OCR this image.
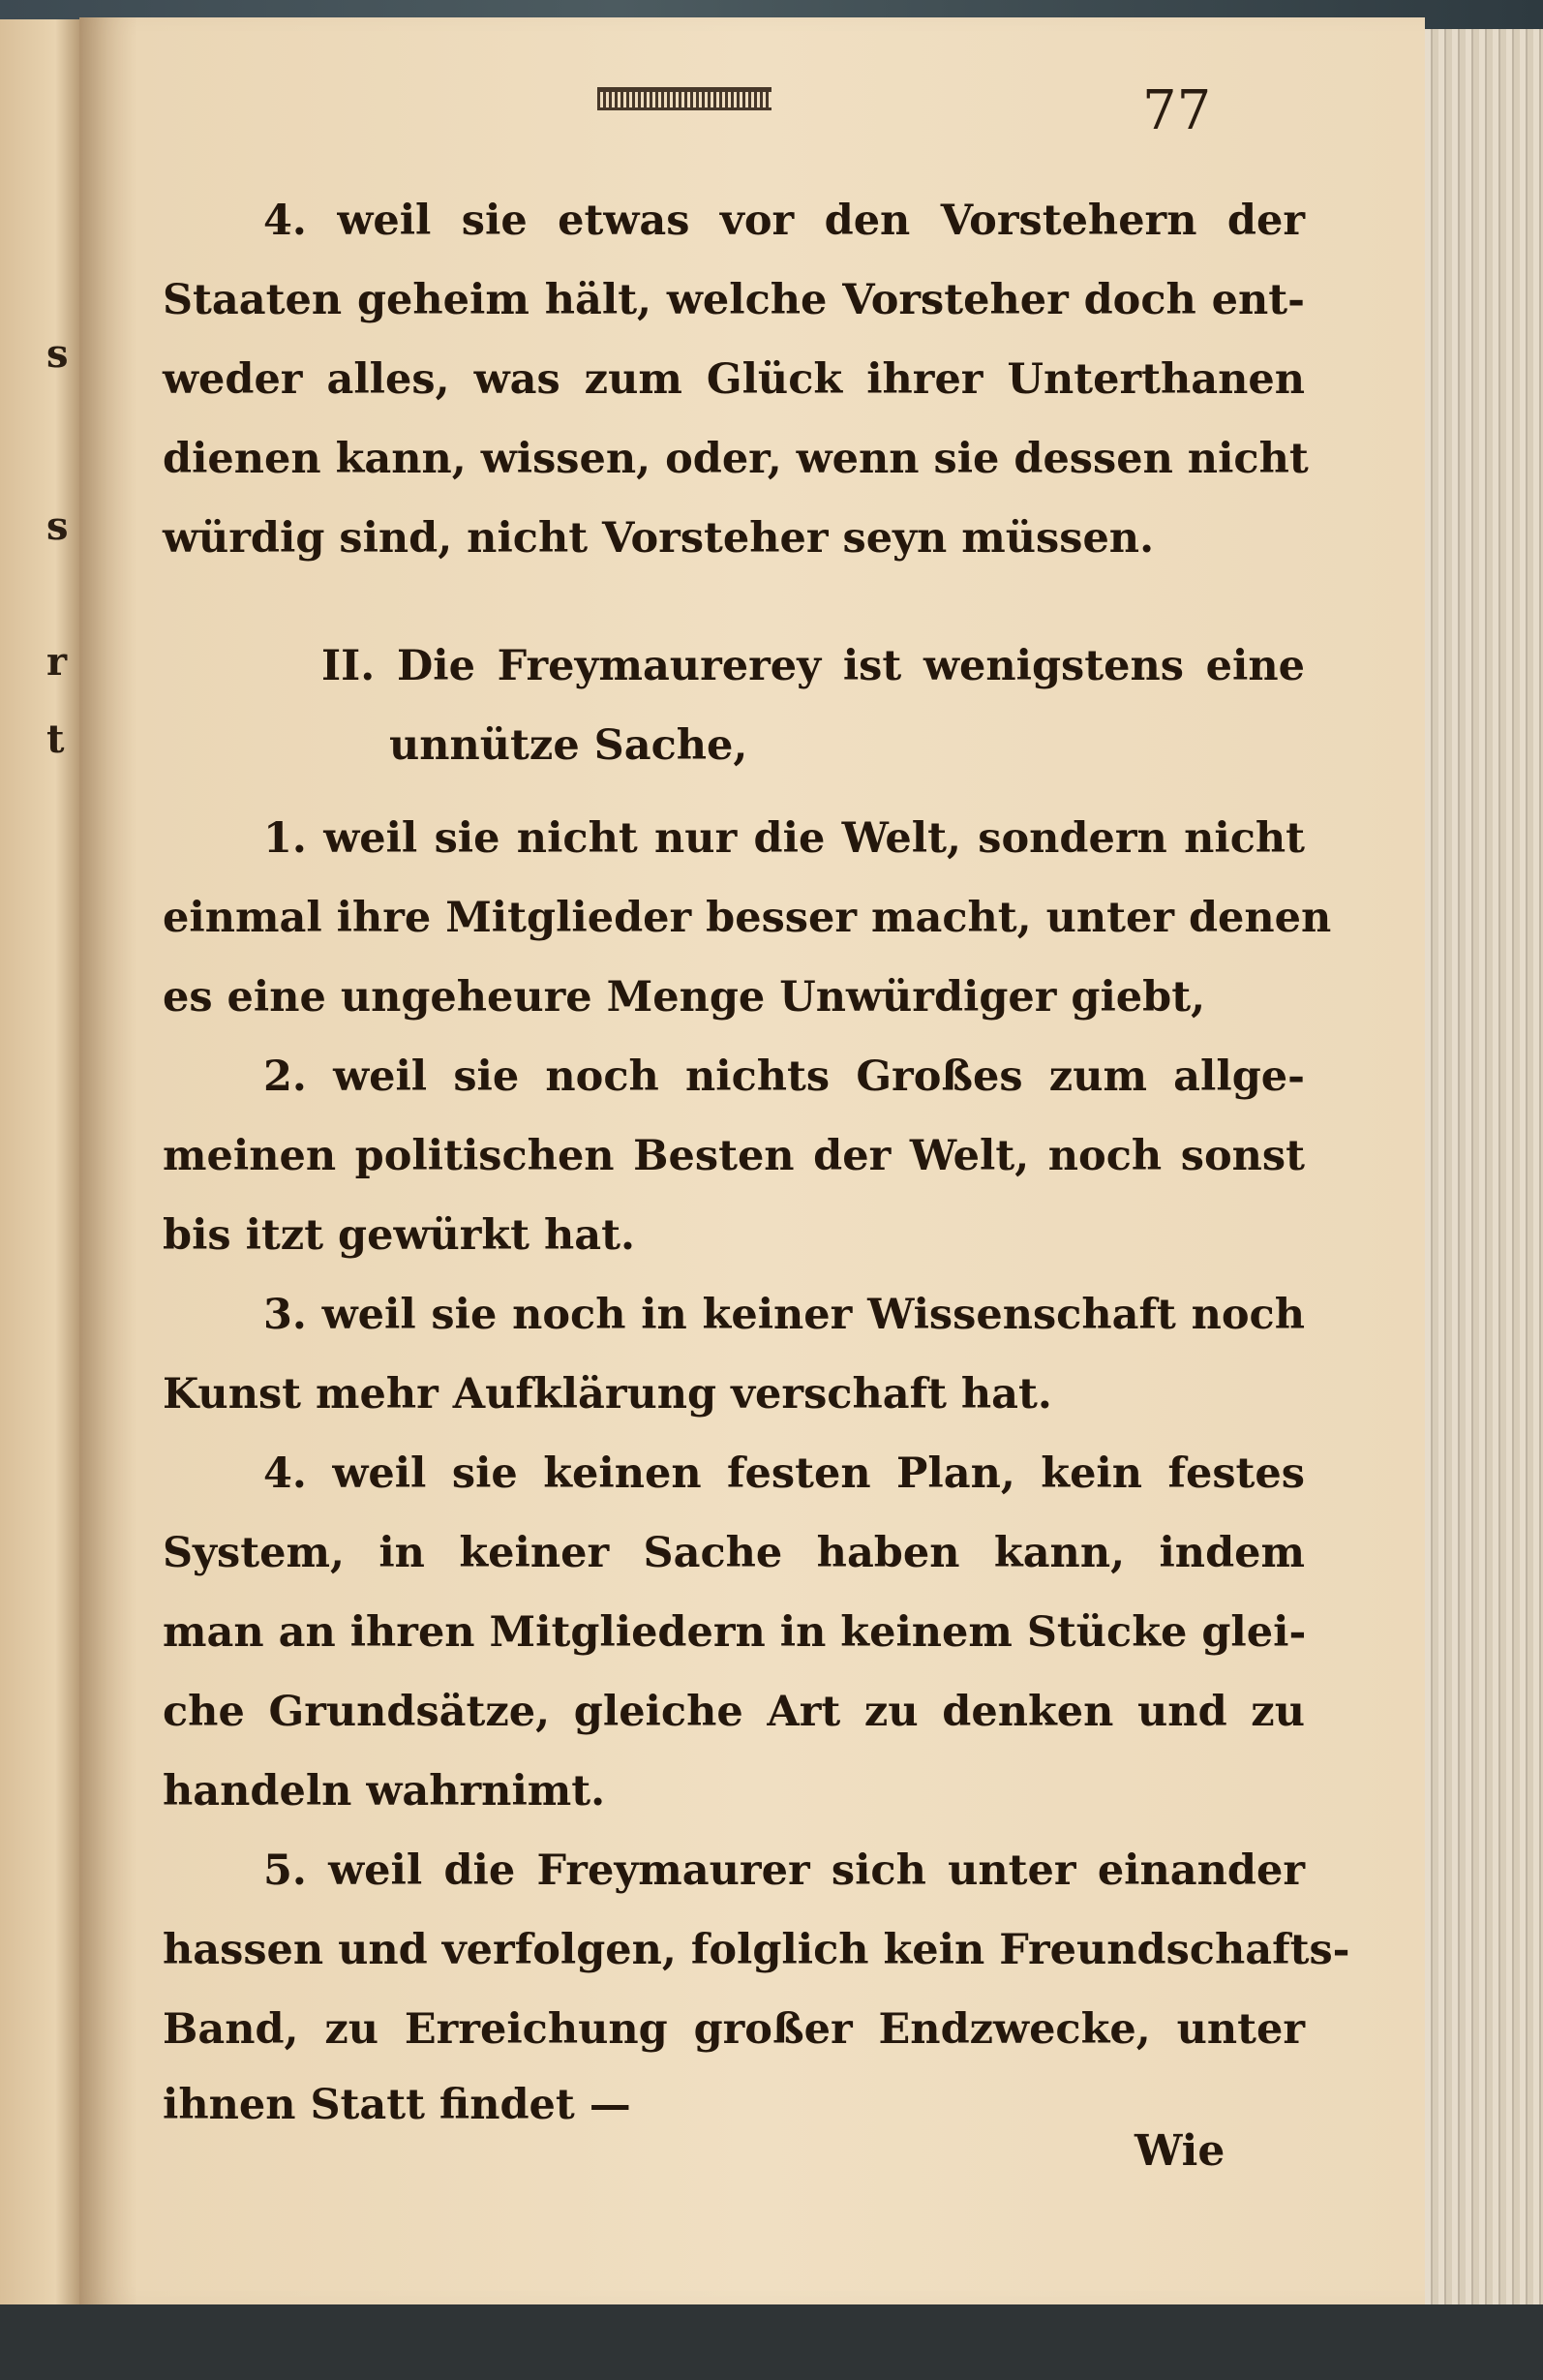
s
s
r
t
77
4. weil sie etwas vor den Vorstehern der
Staaten geheim hält, welche Vorsteher doch ent-
weder alles, was zum Glück ihrer Unterthanen
dienen kann, wissen, oder, wenn sie dessen nicht
würdig sind, nicht Vorsteher seyn müssen.
II. Die Freymaurerey ist wenigstens eine
unnütze Sache,
1. weil sie nicht nur die Welt, sondern nicht
einmal ihre Mitglieder besser macht, unter denen
es eine ungeheure Menge Unwürdiger giebt,
2. weil sie noch nichts Großes zum allge-
meinen politischen Besten der Welt, noch sonst
bis itzt gewürkt hat.
3. weil sie noch in keiner Wissenschaft noch
Kunst mehr Aufklärung verschaft hat.
4. weil sie keinen festen Plan, kein festes
System, in keiner Sache haben kann, indem
man an ihren Mitgliedern in keinem Stücke glei-
che Grundsätze, gleiche Art zu denken und zu
handeln wahrnimt.
5. weil die Freymaurer sich unter einander
hassen und verfolgen, folglich kein Freundschafts-
Band, zu Erreichung großer Endzwecke, unter
ihnen Statt findet —
Wie
